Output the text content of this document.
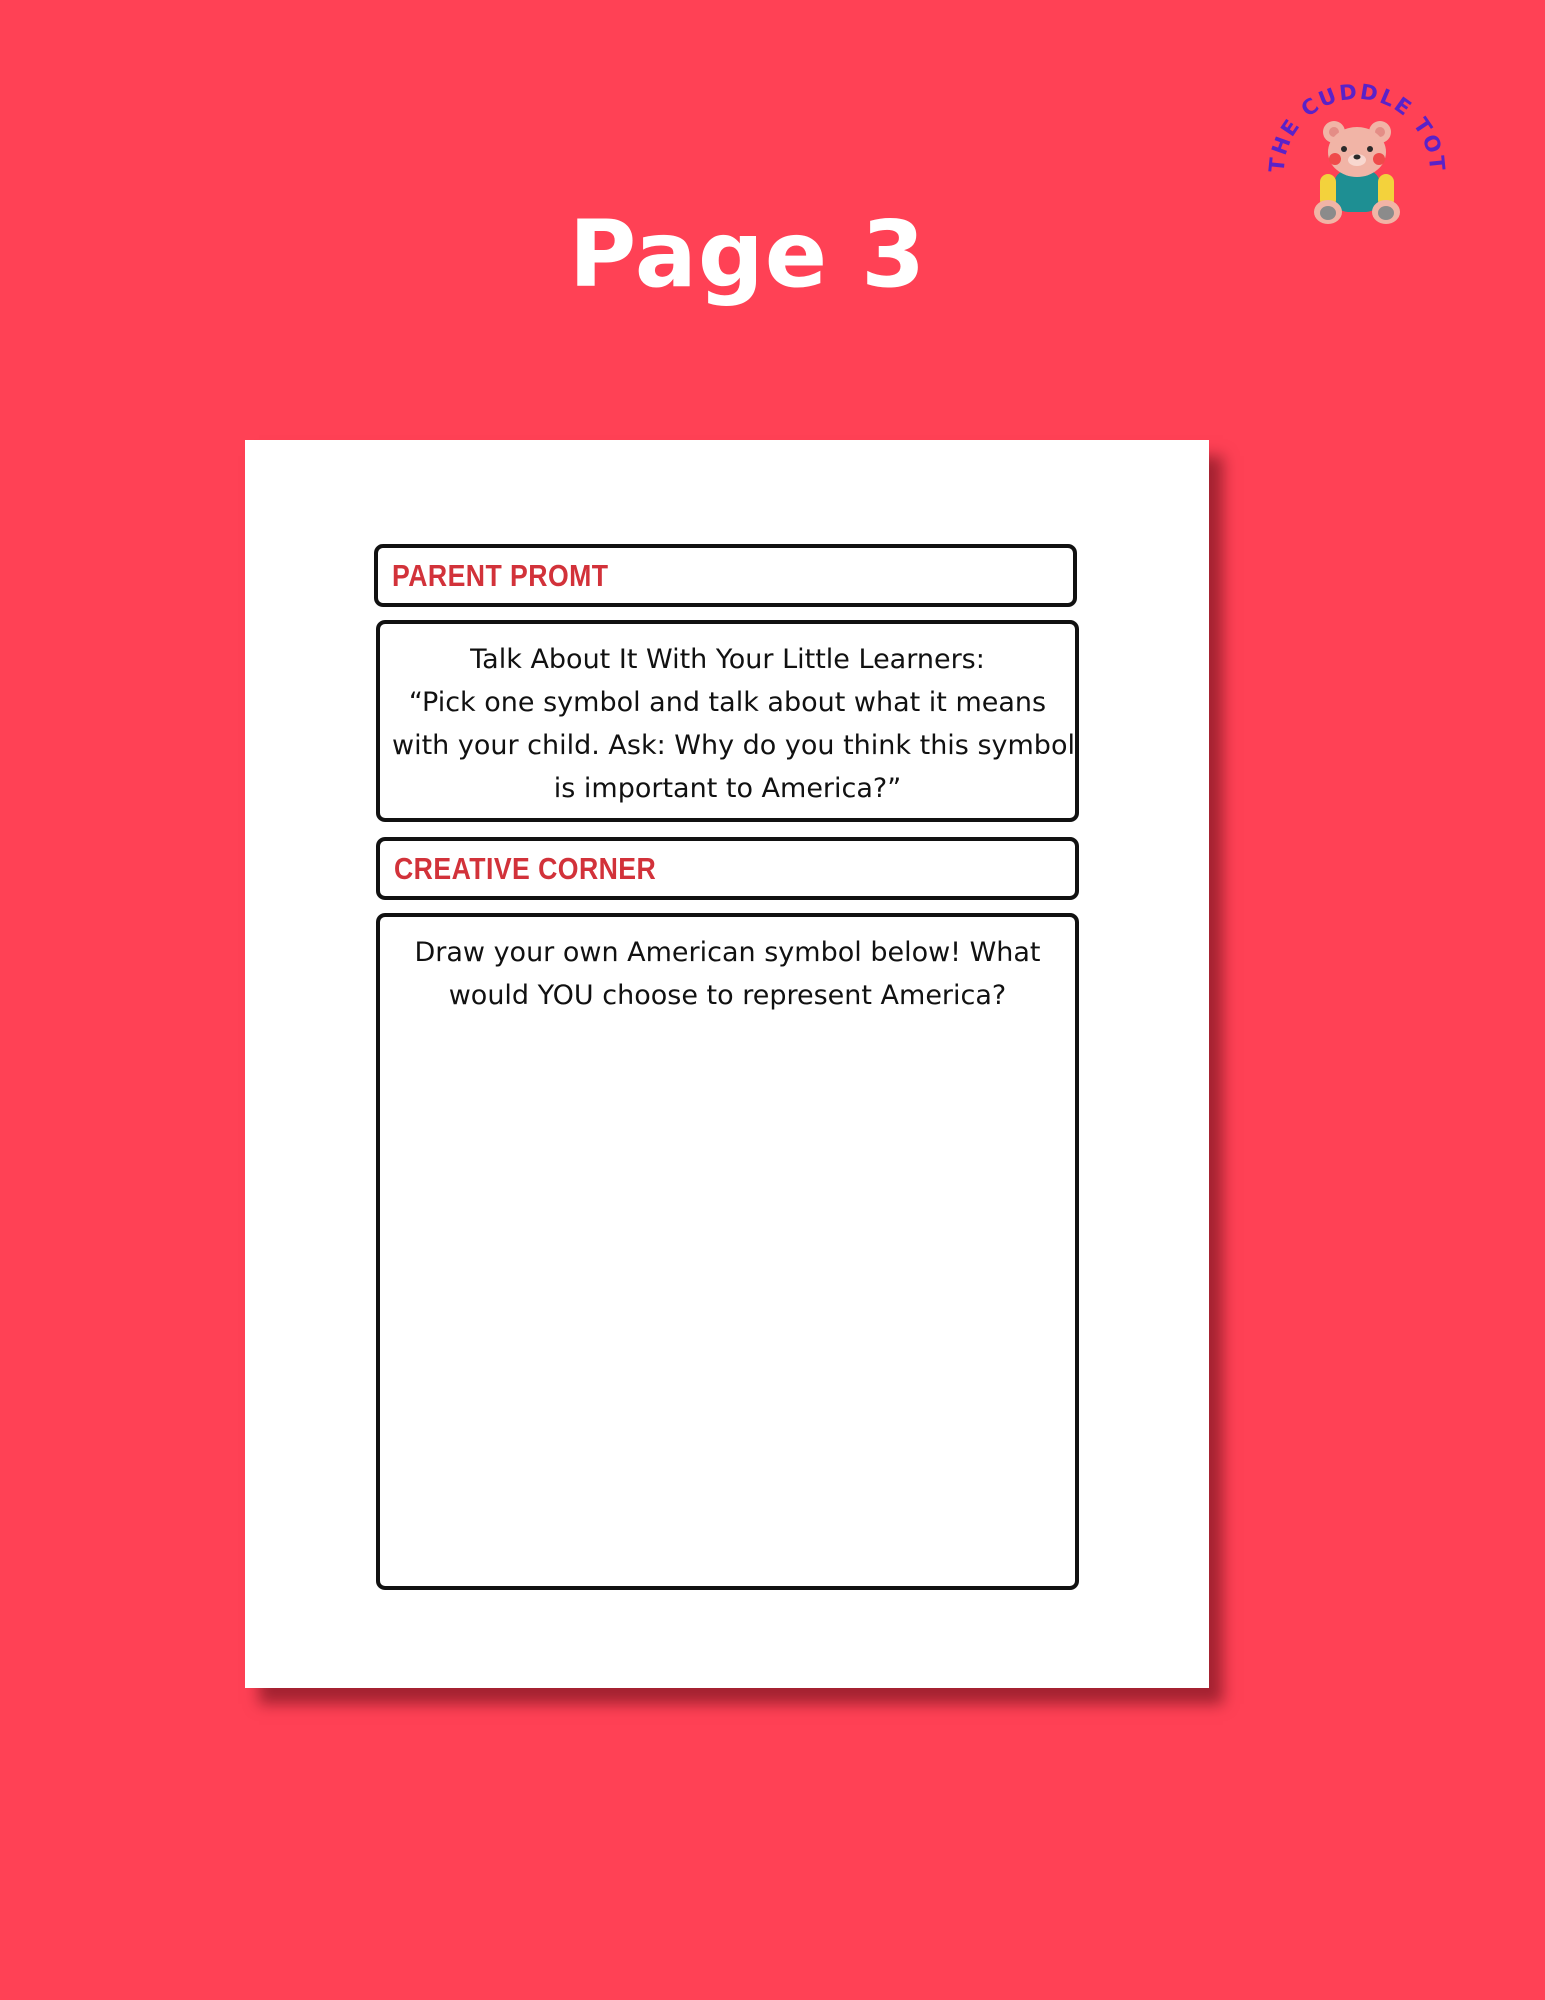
Page 3
THE CUDDLE TOT
PARENT PROMT
Talk About It With Your Little Learners:
“Pick one symbol and talk about what it means
with your child. Ask: Why do you think this symbol
is important to America?”
CREATIVE CORNER
Draw your own American symbol below! What
would YOU choose to represent America?
